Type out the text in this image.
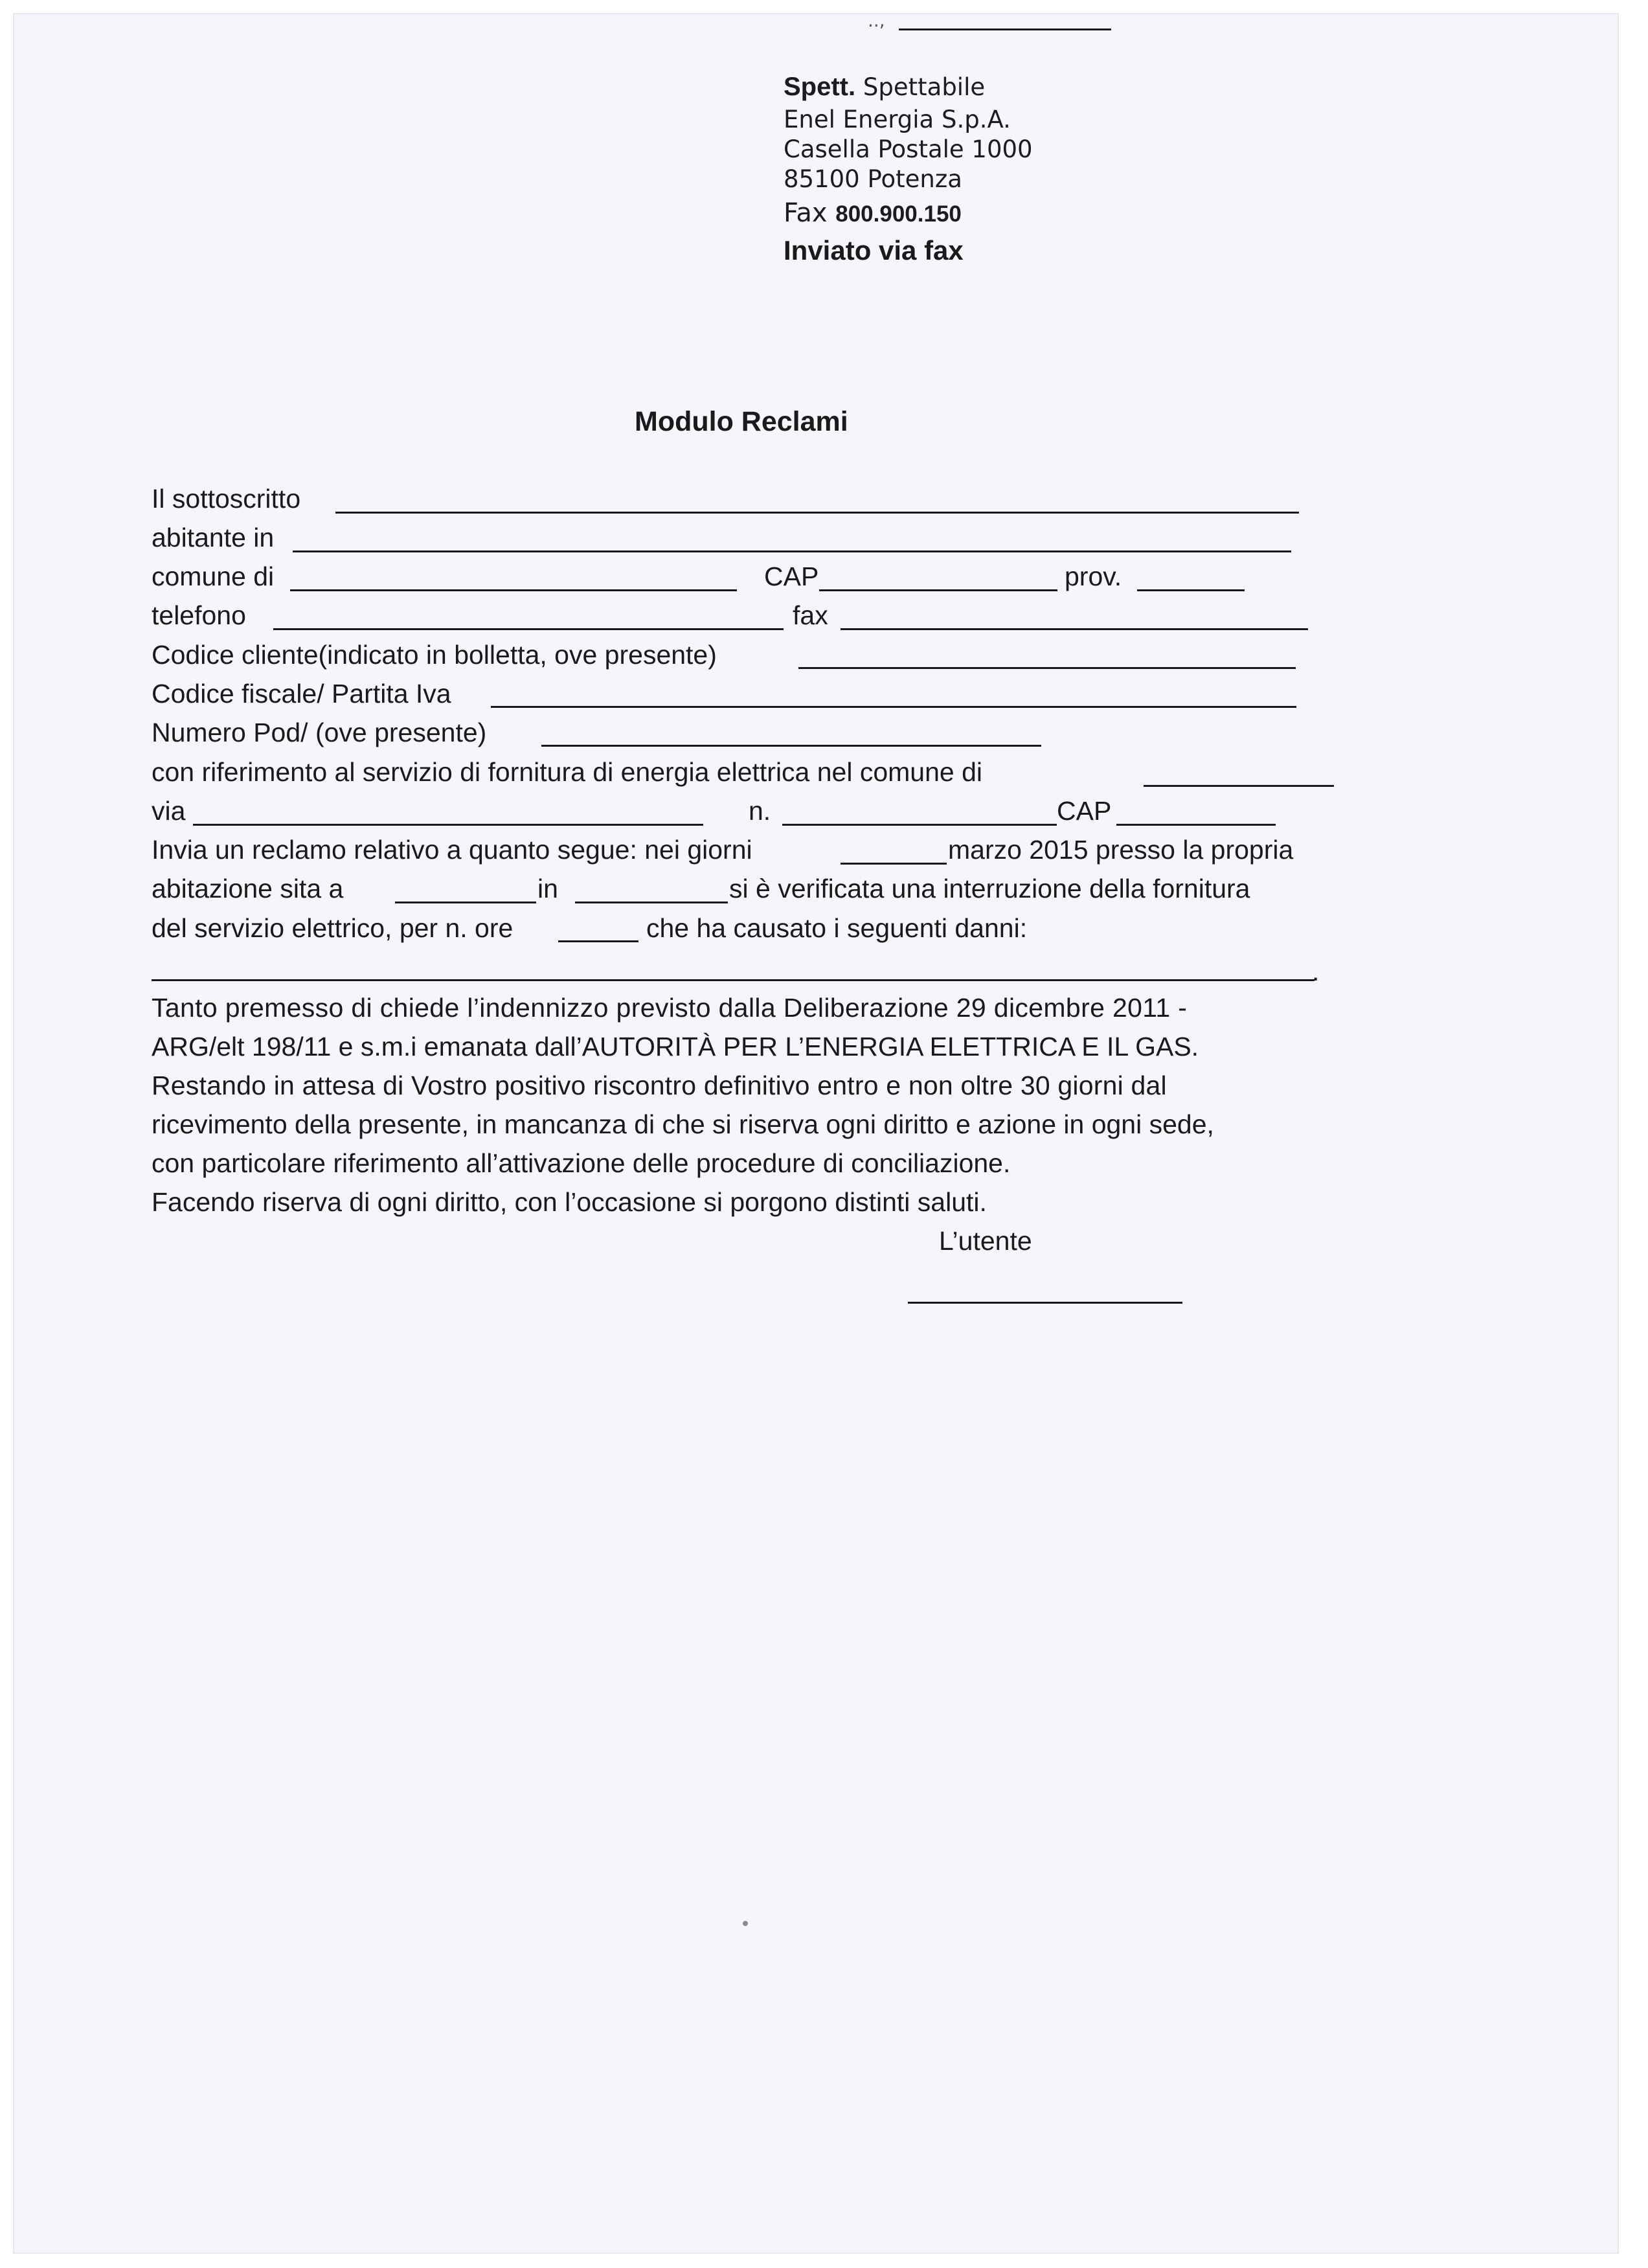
..,
Spett. Spettabile
Enel Energia S.p.A.
Casella Postale 1000
85100 Potenza
Fax 800.900.150
Inviato via fax
Modulo Reclami
Il sottoscritto
abitante in
comune di	CAP	prov.
telefono	fax
Codice cliente(indicato in bolletta, ove presente)
Codice fiscale/ Partita Iva
Numero Pod/ (ove presente)
con riferimento al servizio di fornitura di energia elettrica nel comune di
via	n.	CAP
Invia un reclamo relativo a quanto segue: nei giorni	marzo 2015 presso la propria
abitazione sita a	in	si è verificata una interruzione della fornitura
del servizio elettrico, per n. ore	che ha causato i seguenti danni:
.
Tanto premesso di chiede l’indennizzo previsto dalla Deliberazione 29 dicembre 2011 -
ARG/elt 198/11 e s.m.i emanata dall’AUTORITÀ PER L’ENERGIA ELETTRICA E IL GAS.
Restando in attesa di Vostro positivo riscontro definitivo entro e non oltre 30 giorni dal
ricevimento della presente, in mancanza di che si riserva ogni diritto e azione in ogni sede,
con particolare riferimento all’attivazione delle procedure di conciliazione.
Facendo riserva di ogni diritto, con l’occasione si porgono distinti saluti.
L’utente
